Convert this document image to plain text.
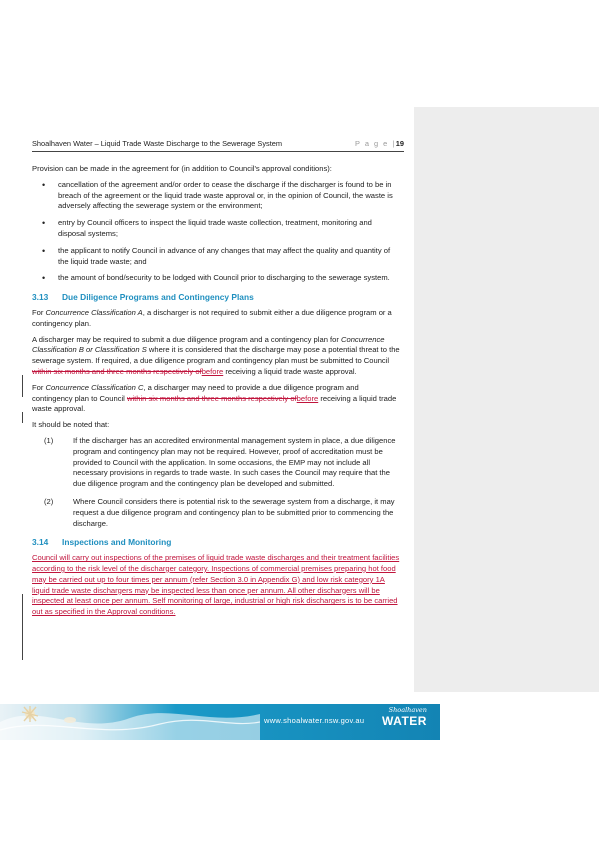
Shoalhaven Water – Liquid Trade Waste Discharge to the Sewerage System	P a g e |19

Provision can be made in the agreement for (in addition to Council's approval conditions):

• cancellation of the agreement and/or order to cease the discharge if the discharger is found to be in breach of the agreement or the liquid trade waste approval or, in the opinion of Council, the waste is adversely affecting the sewerage system or the environment;
• entry by Council officers to inspect the liquid trade waste collection, treatment, monitoring and disposal systems;
• the applicant to notify Council in advance of any changes that may affect the quality and quantity of the liquid trade waste; and
• the amount of bond/security to be lodged with Council prior to discharging to the sewerage system.
3.13 Due Diligence Programs and Contingency Plans

For Concurrence Classification A, a discharger is not required to submit either a due diligence program or a contingency plan.

A discharger may be required to submit a due diligence program and a contingency plan for Concurrence Classification B or Classification S where it is considered that the discharge may pose a potential threat to the sewerage system. If required, a due diligence program and contingency plan must be submitted to Council within six months and three months respectively ofbefore receiving a liquid trade waste approval.

For Concurrence Classification C, a discharger may need to provide a due diligence program and contingency plan to Council within six months and three months respectively ofbefore receiving a liquid trade waste approval.

It should be noted that:

(1)	If the discharger has an accredited environmental management system in place, a due diligence program and contingency plan may not be required. However, proof of accreditation must be provided to Council with the application. In some occasions, the EMP may not include all necessary provisions in regards to trade waste. In such cases the Council may require that the due diligence program and the contingency plan be developed and submitted.
(2)	Where Council considers there is potential risk to the sewerage system from a discharge, it may request a due diligence program and contingency plan to be submitted prior to commencing the discharge.
3.14 Inspections and Monitoring

Council will carry out inspections of the premises of liquid trade waste discharges and their treatment facilities according to the risk level of the discharger category. Inspections of commercial premises preparing hot food may be carried out up to four times per annum (refer Section 3.0 in Appendix G) and low risk category 1A liquid trade waste dischargers may be inspected less than once per annum. All other dischargers will be inspected at least once per annum. Self monitoring of large, industrial or high risk dischargers is to be carried out as specified in the Approval conditions.

www.shoalwater.nsw.gov.au
Shoalhaven
WATER
